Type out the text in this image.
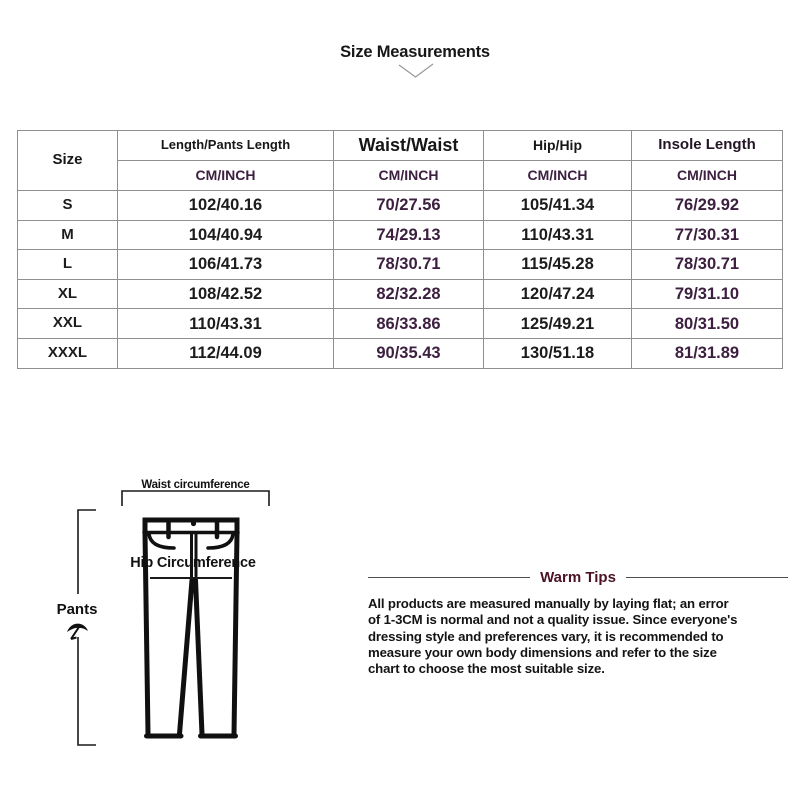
Size Measurements
Size	Length/Pants Length	Waist/Waist	Hip/Hip	Insole Length
	CM/INCH	CM/INCH	CM/INCH	CM/INCH
S	102/40.16	70/27.56	105/41.34	76/29.92
M	104/40.94	74/29.13	110/43.31	77/30.31
L	106/41.73	78/30.71	115/45.28	78/30.71
XL	108/42.52	82/32.28	120/47.24	79/31.10
XXL	110/43.31	86/33.86	125/49.21	80/31.50
XXXL	112/44.09	90/35.43	130/51.18	81/31.89
Waist circumference
Hip Circumference
Pants
Warm Tips
All products are measured manually by laying flat; an error
of 1-3CM is normal and not a quality issue. Since everyone's
dressing style and preferences vary, it is recommended to
measure your own body dimensions and refer to the size
chart to choose the most suitable size.
